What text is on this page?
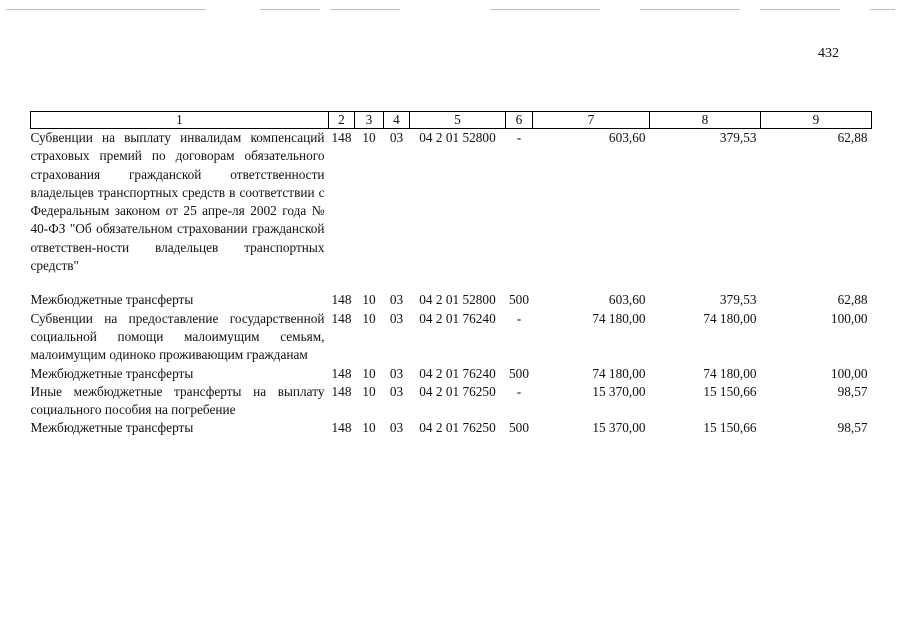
432
1	2	3	4	5	6	7	8	9
Субвенции на выплату инвалидам компенсаций страховых премий по договорам обязательного страхования гражданской ответственности владельцев транспортных средств в соответствии с Федеральным законом от 25 апре-ля 2002 года № 40-ФЗ "Об обязательном страховании гражданской ответствен-ности владельцев транспортных средств"	148	10	03	04 2 01 52800	-	603,60	379,53	62,88
Межбюджетные трансферты	148	10	03	04 2 01 52800	500	603,60	379,53	62,88
Субвенции на предоставление государственной социальной помощи малоимущим семьям, малоимущим одиноко проживающим гражданам	148	10	03	04 2 01 76240	-	74 180,00	74 180,00	100,00
Межбюджетные трансферты	148	10	03	04 2 01 76240	500	74 180,00	74 180,00	100,00
Иные межбюджетные трансферты на выплату социального пособия на погребение	148	10	03	04 2 01 76250	-	15 370,00	15 150,66	98,57
Межбюджетные трансферты	148	10	03	04 2 01 76250	500	15 370,00	15 150,66	98,57
